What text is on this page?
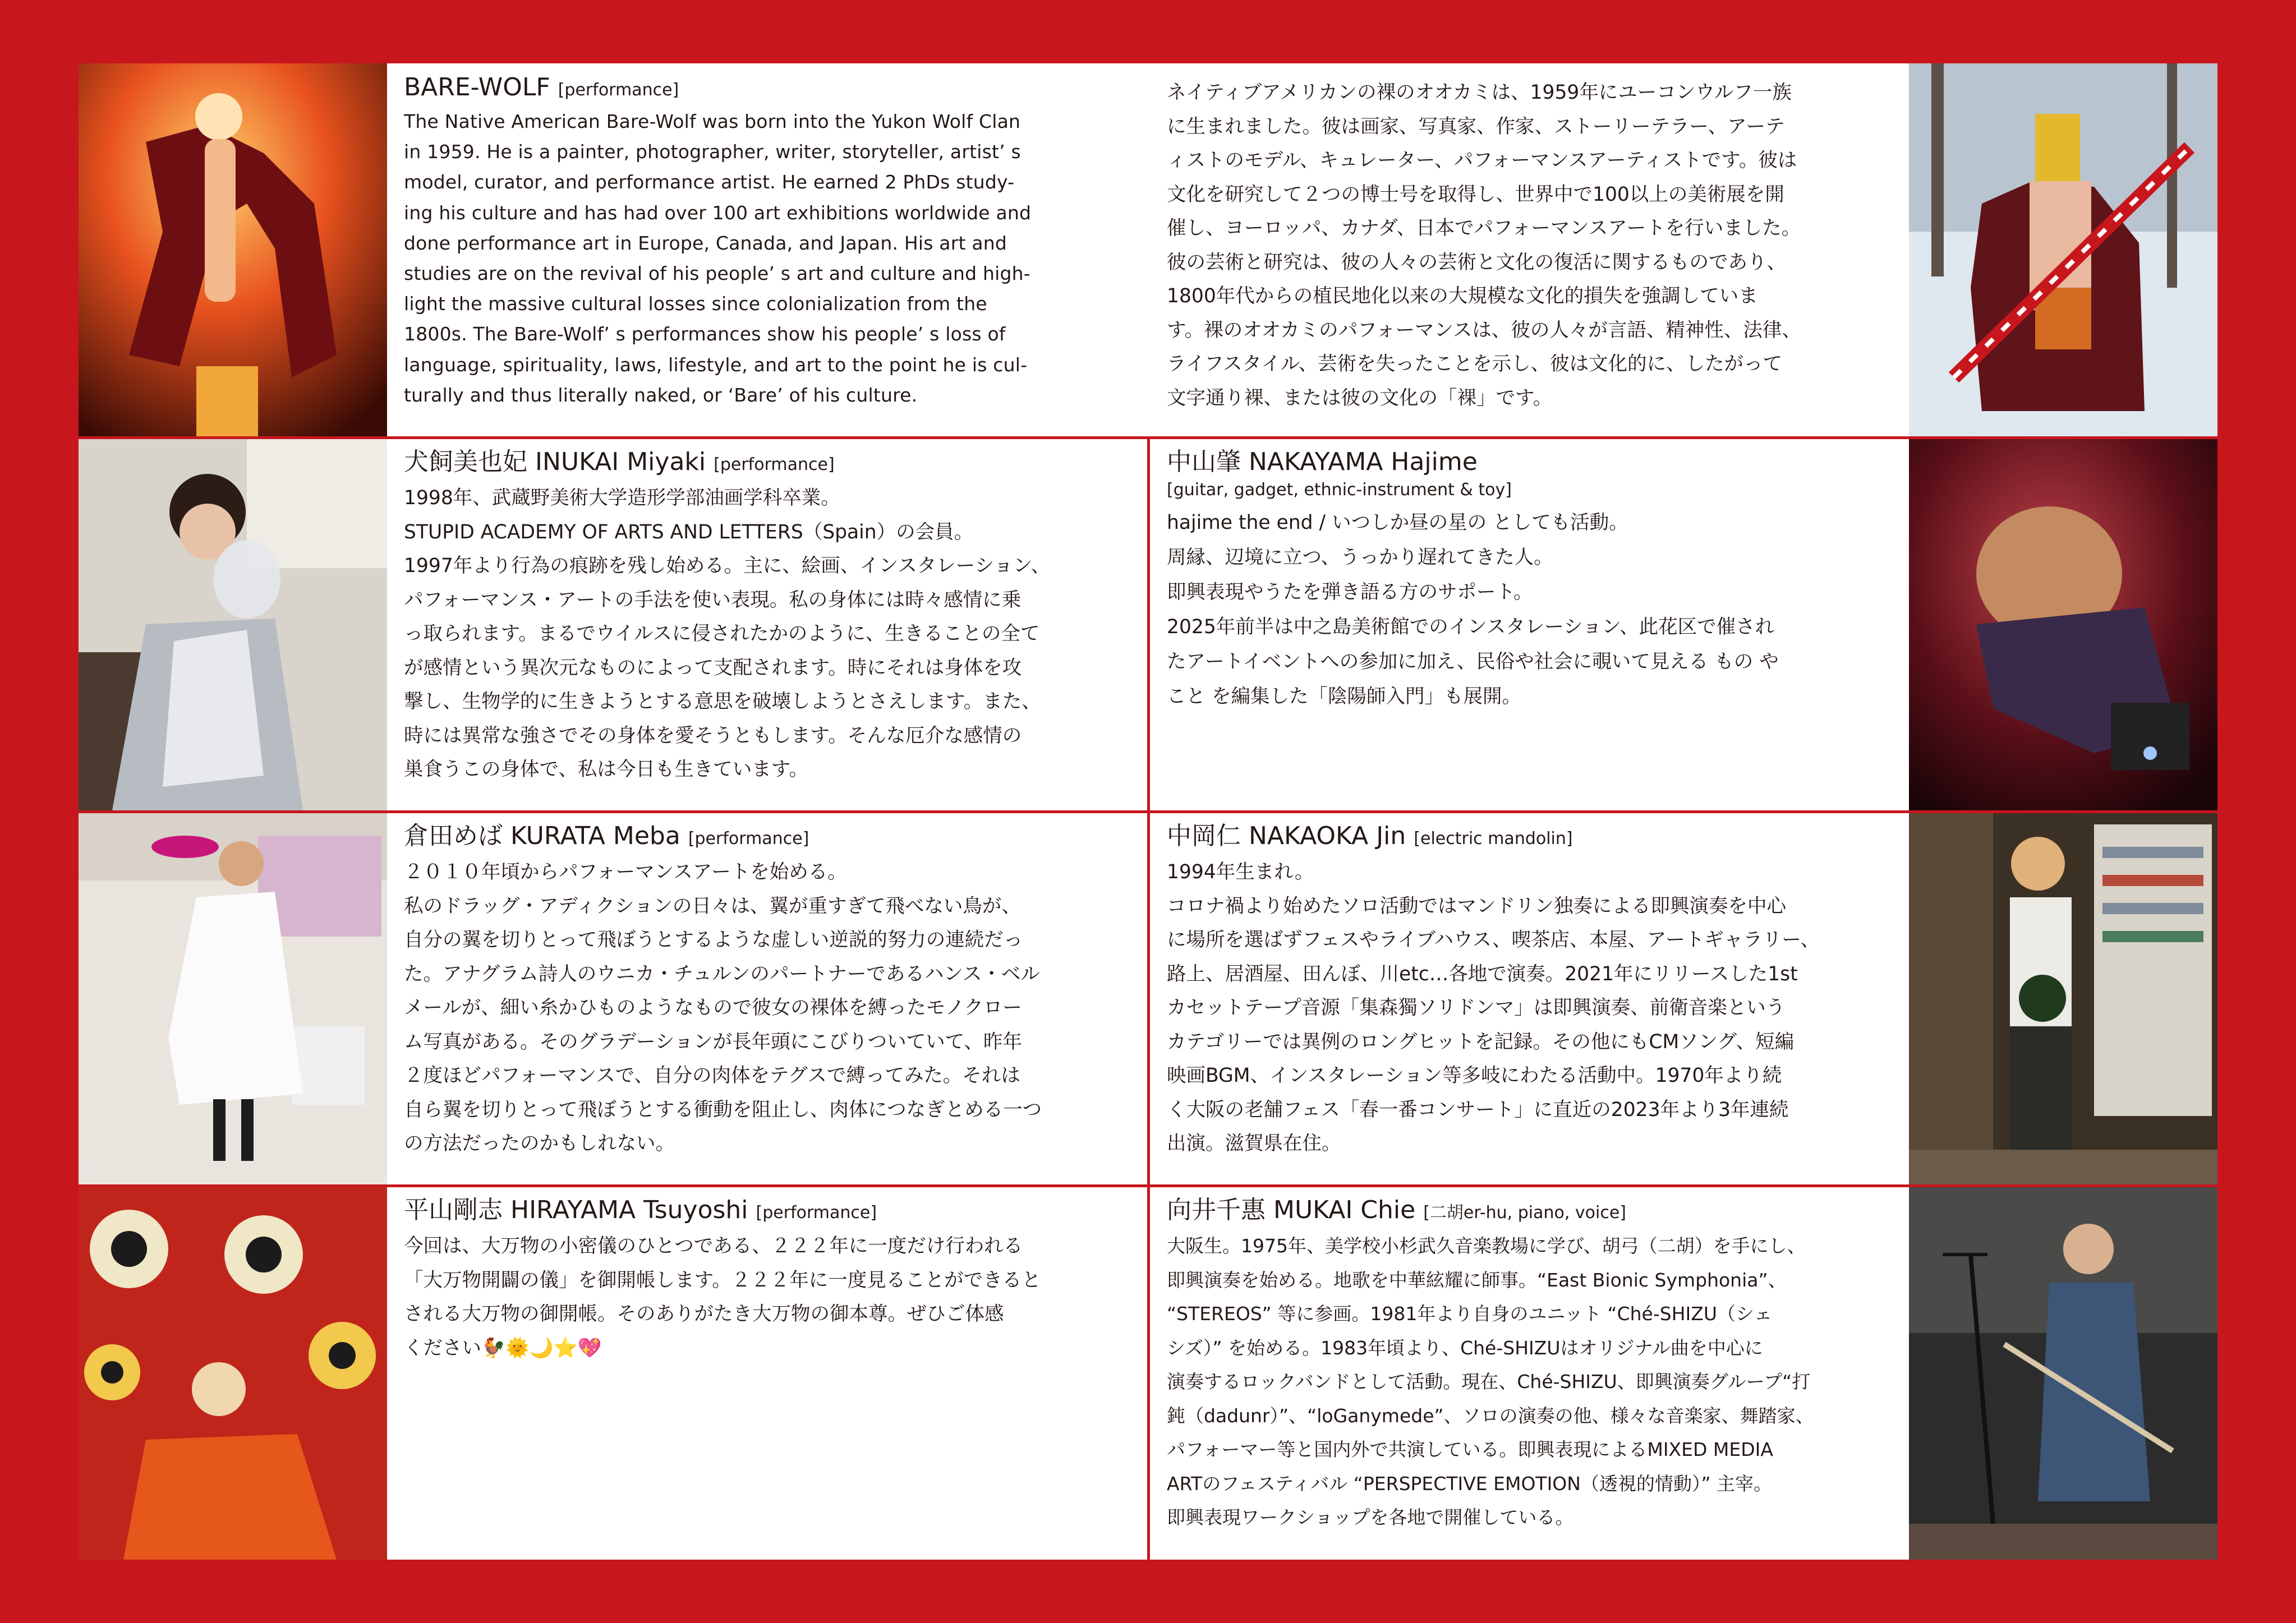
BARE-WOLF [performance]

The Native American Bare-Wolf was born into the Yukon Wolf Clan
in 1959. He is a painter, photographer, writer, storyteller, artist’ s
model, curator, and performance artist. He earned 2 PhDs study-
ing his culture and has had over 100 art exhibitions worldwide and
done performance art in Europe, Canada, and Japan. His art and
studies are on the revival of his people’ s art and culture and high-
light the massive cultural losses since colonialization from the
1800s. The Bare-Wolf’ s performances show his people’ s loss of
language, spirituality, laws, lifestyle, and art to the point he is cul-
turally and thus literally naked, or ‘Bare’ of his culture.

ネイティブアメリカンの裸のオオカミは、1959年にユーコンウルフ一族
に生まれました。彼は画家、写真家、作家、ストーリーテラー、アーテ
ィストのモデル、キュレーター、パフォーマンスアーティストです。彼は
文化を研究して２つの博士号を取得し、世界中で100以上の美術展を開
催し、ヨーロッパ、カナダ、日本でパフォーマンスアートを行いました。
彼の芸術と研究は、彼の人々の芸術と文化の復活に関するものであり、
1800年代からの植民地化以来の大規模な文化的損失を強調していま
す。裸のオオカミのパフォーマンスは、彼の人々が言語、精神性、法律、
ライフスタイル、芸術を失ったことを示し、彼は文化的に、したがって
文字通り裸、または彼の文化の「裸」です。

犬飼美也妃 INUKAI Miyaki [performance]

1998年、武蔵野美術大学造形学部油画学科卒業。
STUPID ACADEMY OF ARTS AND LETTERS（Spain）の会員。
1997年より行為の痕跡を残し始める。主に、絵画、インスタレーション、
パフォーマンス・アートの手法を使い表現。私の身体には時々感情に乗
っ取られます。まるでウイルスに侵されたかのように、生きることの全て
が感情という異次元なものによって支配されます。時にそれは身体を攻
撃し、生物学的に生きようとする意思を破壊しようとさえします。また、
時には異常な強さでその身体を愛そうともします。そんな厄介な感情の
巣食うこの身体で、私は今日も生きています。

中山肇 NAKAYAMA Hajime
[guitar, gadget, ethnic-instrument & toy]

hajime the end / いつしか昼の星の としても活動。
周縁、辺境に立つ、うっかり遅れてきた人。
即興表現やうたを弾き語る方のサポート。
2025年前半は中之島美術館でのインスタレーション、此花区で催され
たアートイベントへの参加に加え、民俗や社会に覗いて見える もの や
こと を編集した「陰陽師入門」も展開。

©
倉田めば KURATA Meba [performance]

２０１０年頃からパフォーマンスアートを始める。
私のドラッグ・アディクションの日々は、翼が重すぎて飛べない鳥が、
自分の翼を切りとって飛ぼうとするような虚しい逆説的努力の連続だっ
た。アナグラム詩人のウニカ・チュルンのパートナーであるハンス・ベル
メールが、細い糸かひものようなもので彼女の裸体を縛ったモノクロー
ム写真がある。そのグラデーションが長年頭にこびりついていて、昨年
２度ほどパフォーマンスで、自分の肉体をテグスで縛ってみた。それは
自ら翼を切りとって飛ぼうとする衝動を阻止し、肉体につなぎとめる一つ
の方法だったのかもしれない。

中岡仁 NAKAOKA Jin [electric mandolin]

1994年生まれ。
コロナ禍より始めたソロ活動ではマンドリン独奏による即興演奏を中心
に場所を選ばずフェスやライブハウス、喫茶店、本屋、アートギャラリー、
路上、居酒屋、田んぼ、川etc…各地で演奏。2021年にリリースした1st
カセットテープ音源「集森獨ソリドンマ」は即興演奏、前衛音楽という
カテゴリーでは異例のロングヒットを記録。その他にもCMソング、短編
映画BGM、インスタレーション等多岐にわたる活動中。1970年より続
く大阪の老舗フェス「春一番コンサート」に直近の2023年より3年連続
出演。滋賀県在住。

平山剛志 HIRAYAMA Tsuyoshi [performance]

今回は、大万物の小密儀のひとつである、２２２年に一度だけ行われる
「大万物開闢の儀」を御開帳します。２２２年に一度見ることができると
される大万物の御開帳。そのありがたき大万物の御本尊。ぜひご体感
ください🐓🌞🌙⭐💖

向井千惠 MUKAI Chie [二胡er-hu, piano, voice]

大阪生。1975年、美学校小杉武久音楽教場に学び、胡弓（二胡）を手にし、
即興演奏を始める。地歌を中華絃耀に師事。“East Bionic Symphonia”、
“STEREOS” 等に参画。1981年より自身のユニット “Ché-SHIZU（シェ
シズ）” を始める。1983年頃より、Ché-SHIZUはオリジナル曲を中心に
演奏するロックバンドとして活動。現在、Ché-SHIZU、即興演奏グループ“打
鈍（dadunr）”、“loGanymede”、ソロの演奏の他、様々な音楽家、舞踏家、
パフォーマー等と国内外で共演している。即興表現によるMIXED MEDIA
ARTのフェスティバル “PERSPECTIVE EMOTION（透視的情動）” 主宰。
即興表現ワークショップを各地で開催している。
